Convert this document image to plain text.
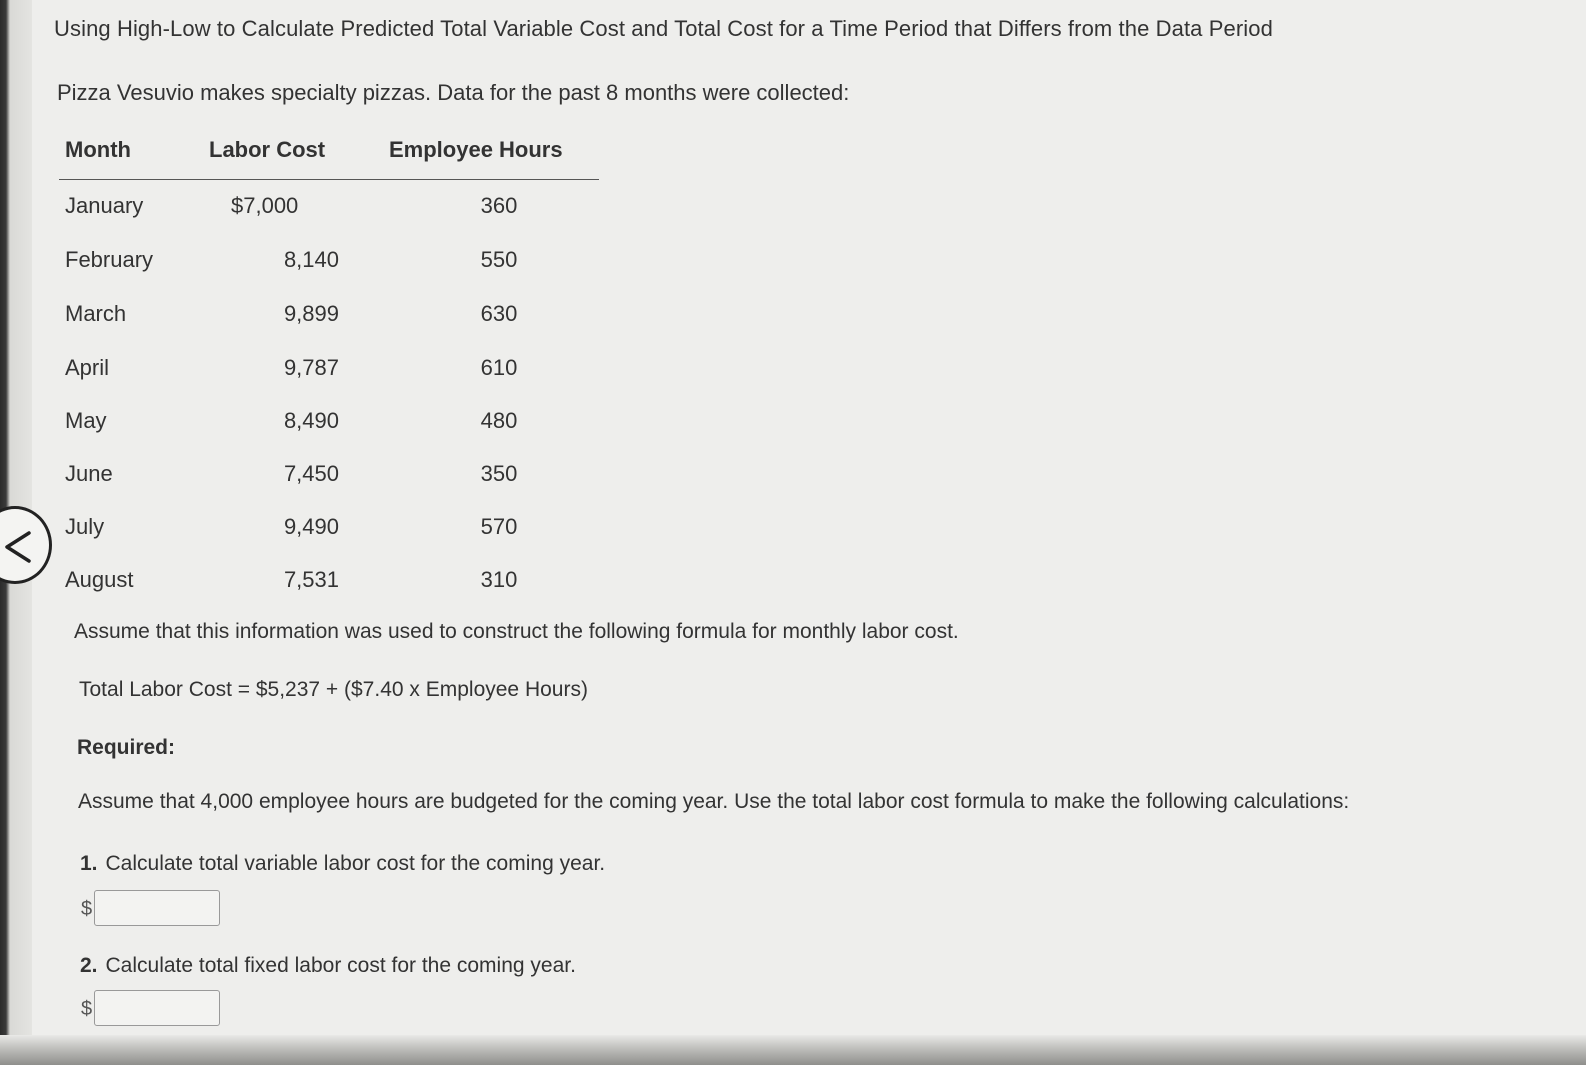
Using High-Low to Calculate Predicted Total Variable Cost and Total Cost for a Time Period that Differs from the Data Period
Pizza Vesuvio makes specialty pizzas. Data for the past 8 months were collected:
Month	Labor Cost	Employee Hours
January	$7,000	360
February	8,140	550
March	9,899	630
April	9,787	610
May	8,490	480
June	7,450	350
July	9,490	570
August	7,531	310
Assume that this information was used to construct the following formula for monthly labor cost.
Total Labor Cost = $5,237 + ($7.40 x Employee Hours)
Required:
Assume that 4,000 employee hours are budgeted for the coming year. Use the total labor cost formula to make the following calculations:
1. Calculate total variable labor cost for the coming year.
$
2. Calculate total fixed labor cost for the coming year.
$
